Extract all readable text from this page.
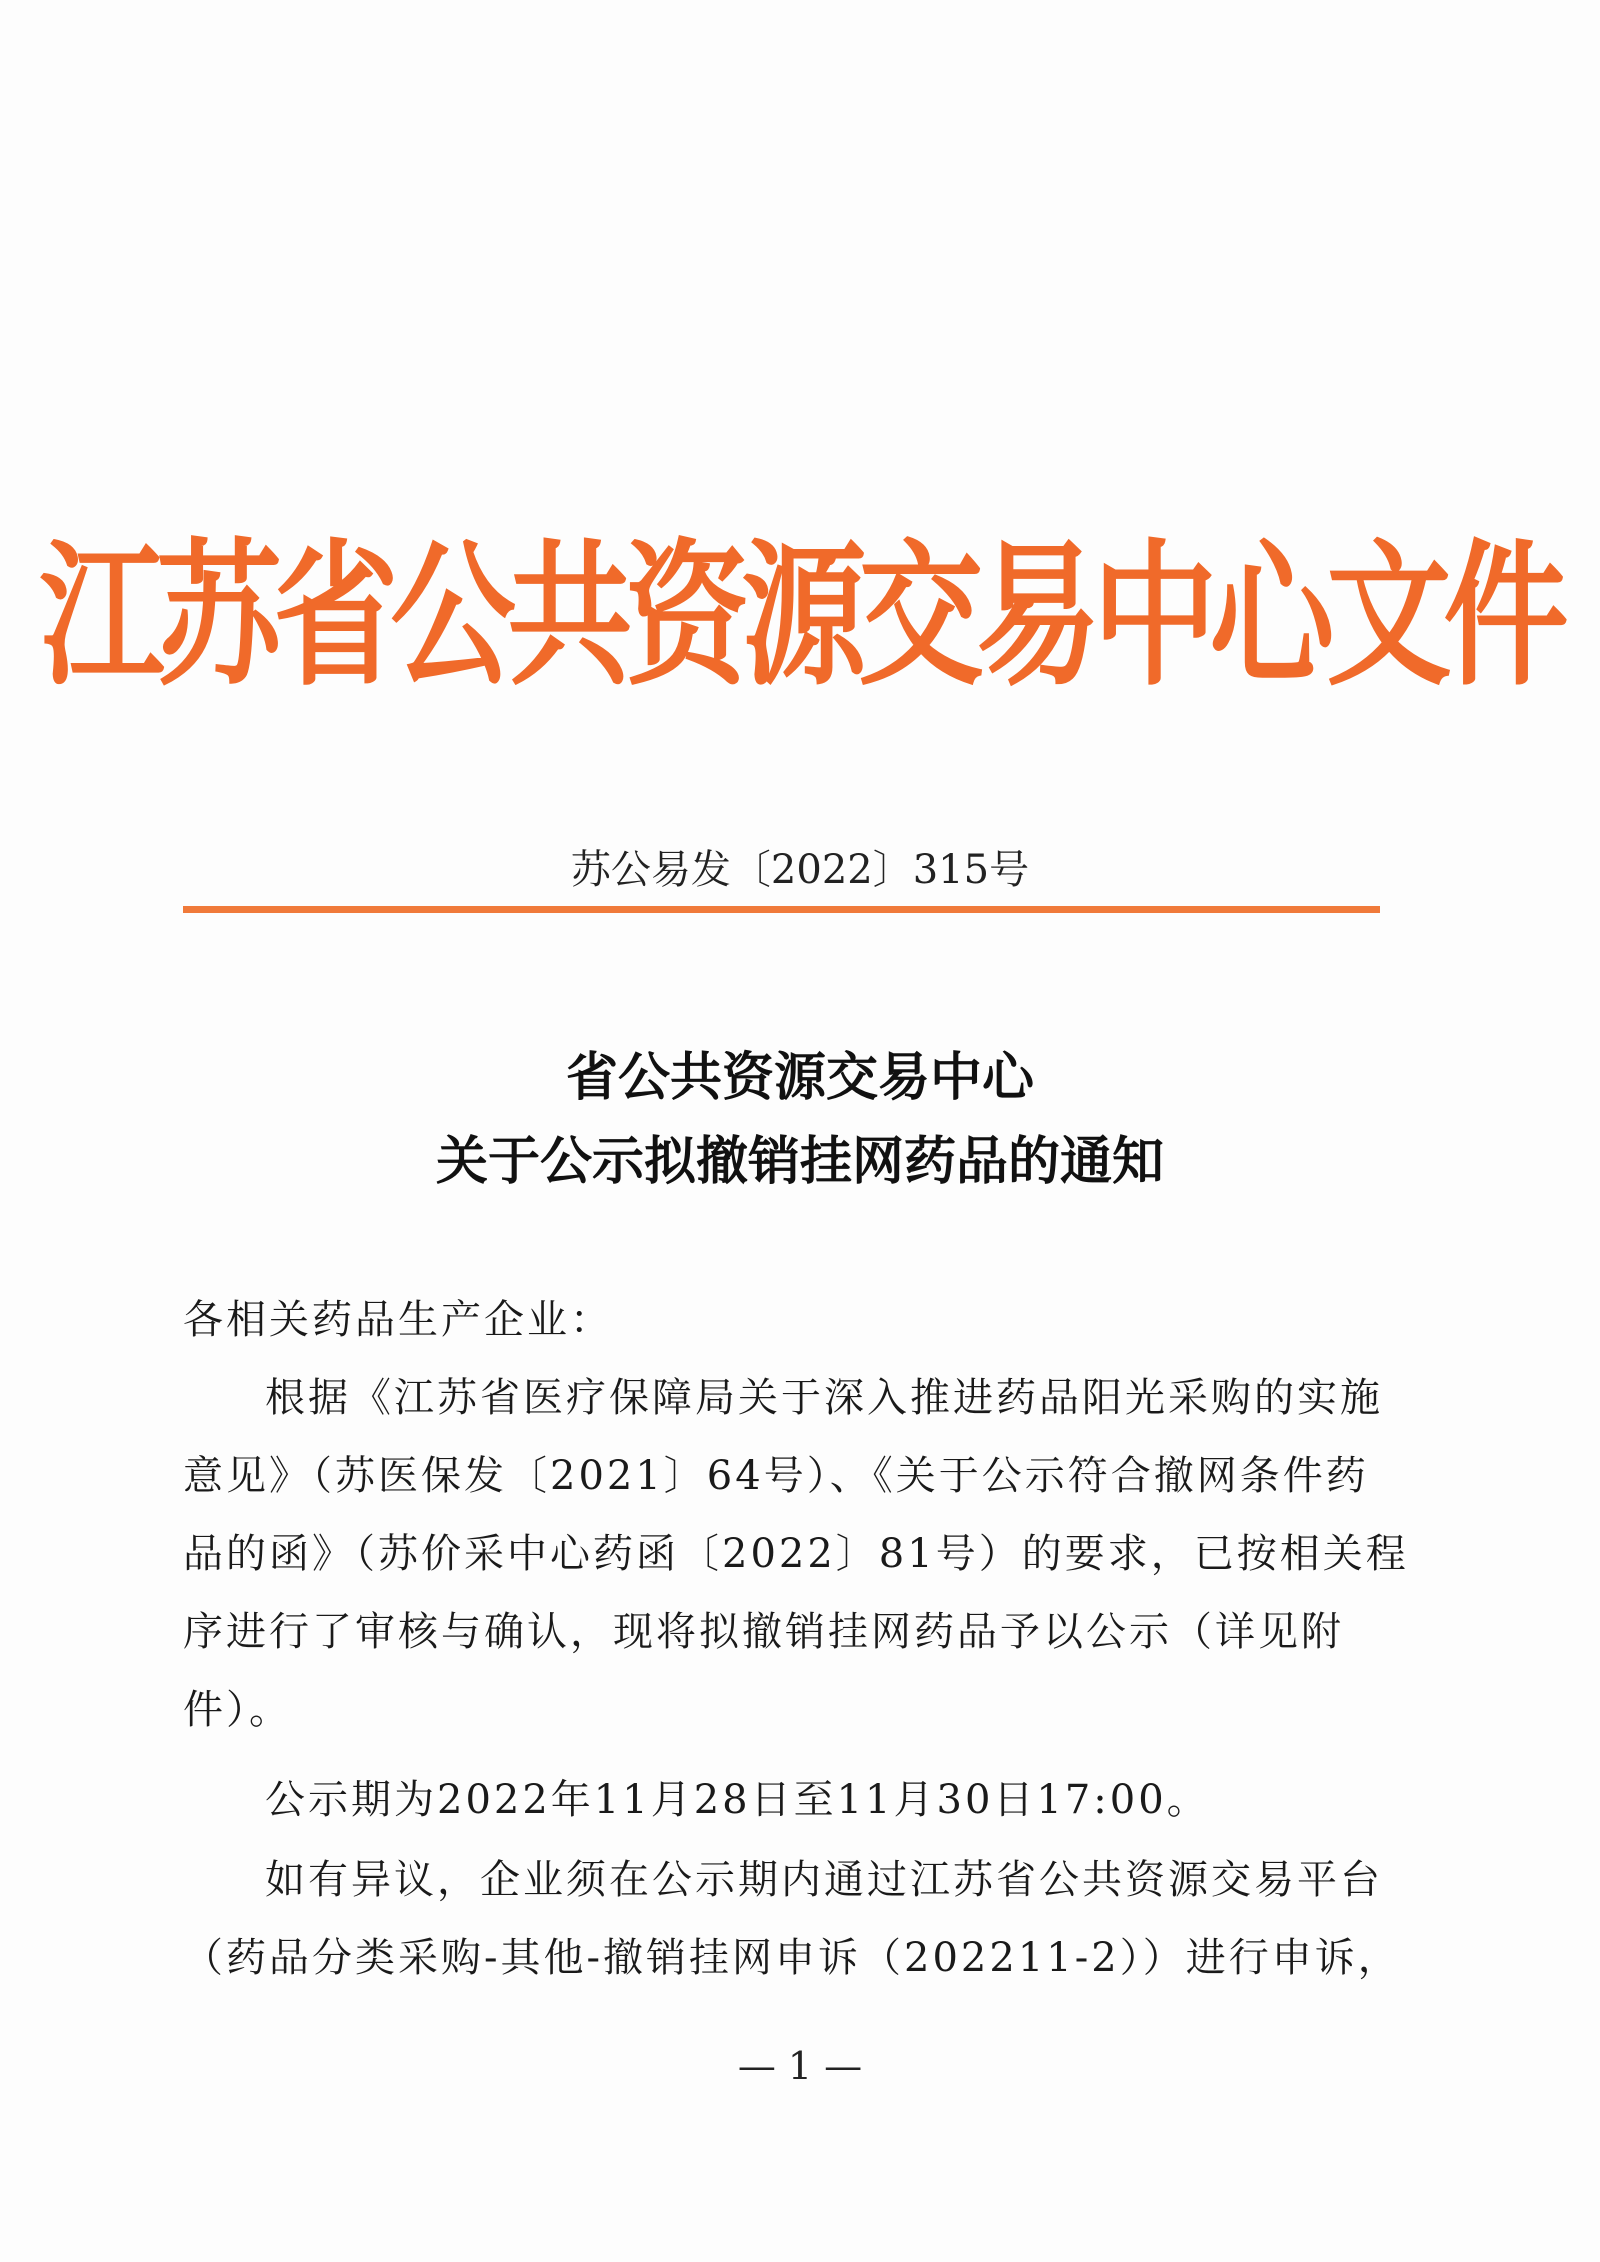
江苏省公共资源交易中心文件
苏公易发〔2022〕315号
省公共资源交易中心
关于公示拟撤销挂网药品的通知
各相关药品生产企业：
根据《江苏省医疗保障局关于深入推进药品阳光采购的实施
意见》（苏医保发〔2021〕64号）、《关于公示符合撤网条件药
品的函》（苏价采中心药函〔2022〕81号）的要求，已按相关程
序进行了审核与确认，现将拟撤销挂网药品予以公示（详见附
件）。
公示期为2022年11月28日至11月30日17:00。
如有异议，企业须在公示期内通过江苏省公共资源交易平台
（药品分类采购-其他-撤销挂网申诉（202211-2））进行申诉，
— 1 —
